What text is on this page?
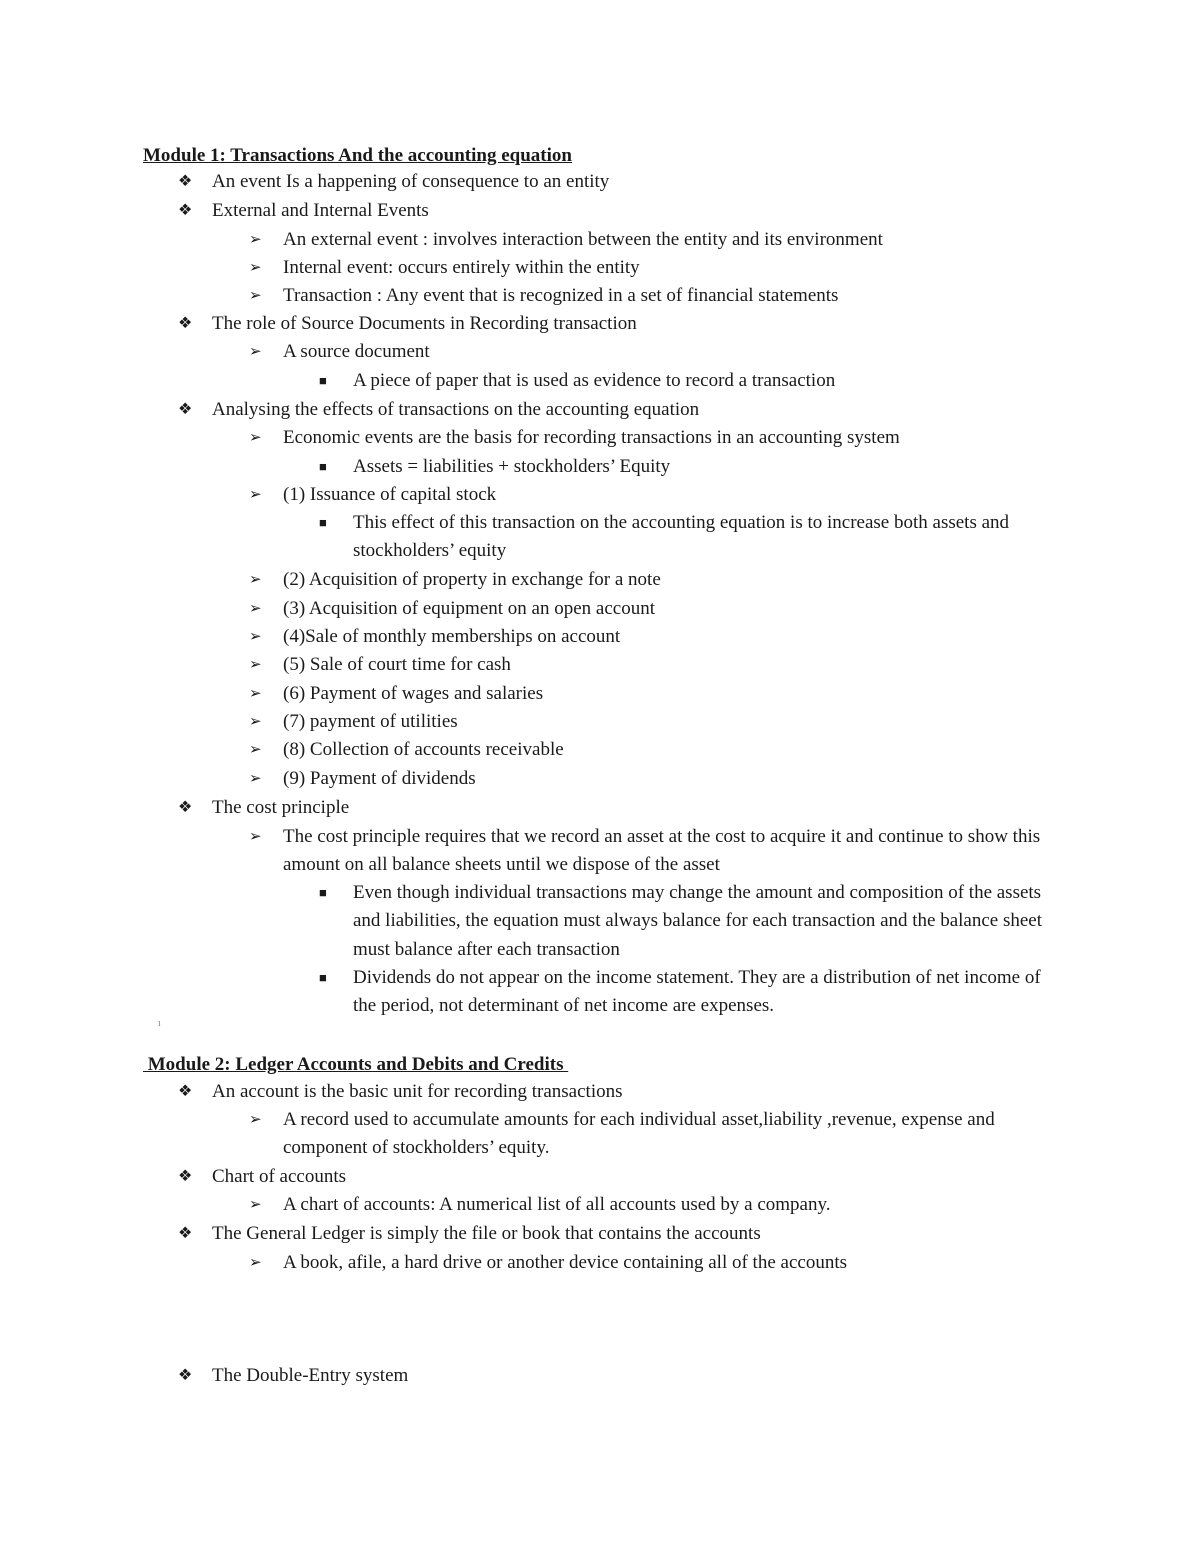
Module 1: Transactions And the accounting equation
❖ An event Is a happening of consequence to an entity
❖ External and Internal Events
➢ An external event : involves interaction between the entity and its environment
➢ Internal event: occurs entirely within the entity
➢ Transaction : Any event that is recognized in a set of financial statements
❖ The role of Source Documents in Recording transaction
➢ A source document
■ A piece of paper that is used as evidence to record a transaction
❖ Analysing the effects of transactions on the accounting equation
➢ Economic events are the basis for recording transactions in an accounting system
■ Assets = liabilities + stockholders’ Equity
➢ (1) Issuance of capital stock
■ This effect of this transaction on the accounting equation is to increase both assets and stockholders’ equity
➢ (2) Acquisition of property in exchange for a note
➢ (3) Acquisition of equipment on an open account
➢ (4)Sale of monthly memberships on account
➢ (5) Sale of court time for cash
➢ (6) Payment of wages and salaries
➢ (7) payment of utilities
➢ (8) Collection of accounts receivable
➢ (9) Payment of dividends
❖ The cost principle
➢ The cost principle requires that we record an asset at the cost to acquire it and continue to show this amount on all balance sheets until we dispose of the asset
■ Even though individual transactions may change the amount and composition of the assets and liabilities, the equation must always balance for each transaction and the balance sheet must balance after each transaction
■ Dividends do not appear on the income statement. They are a distribution of net income of the period, not determinant of net income are expenses.
ı
Module 2: Ledger Accounts and Debits and Credits
❖ An account is the basic unit for recording transactions
➢ A record used to accumulate amounts for each individual asset,liability ,revenue, expense and component of stockholders’ equity.
❖ Chart of accounts
➢ A chart of accounts: A numerical list of all accounts used by a company.
❖ The General Ledger is simply the file or book that contains the accounts
➢ A book, afile, a hard drive or another device containing all of the accounts
❖ The Double-Entry system
